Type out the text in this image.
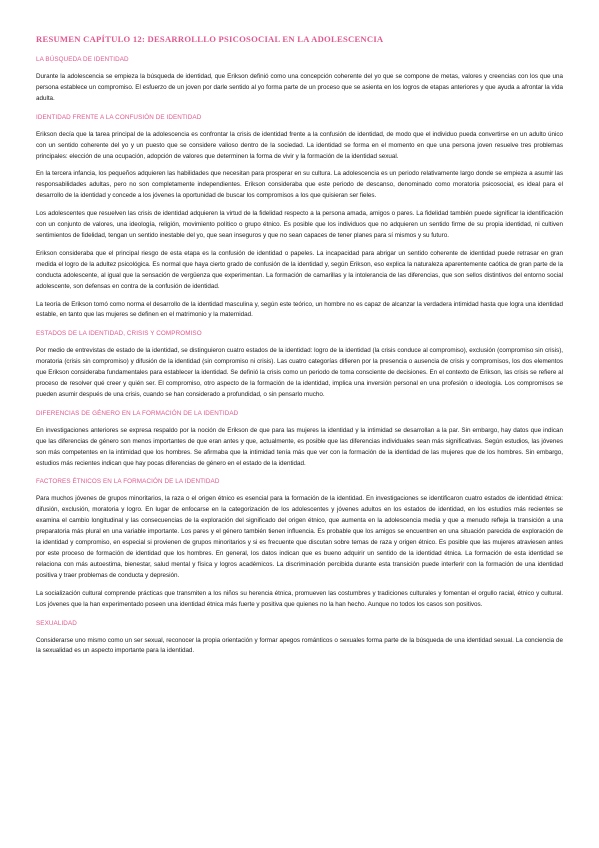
RESUMEN CAPÍTULO 12: DESARROLLLO PSICOSOCIAL EN LA ADOLESCENCIA
LA BÚSQUEDA DE IDENTIDAD

Durante la adolescencia se empieza la búsqueda de identidad, que Erikson definió como una concepción coherente del yo que se compone de metas, valores y creencias con los que una persona establece un compromiso. El esfuerzo de un joven por darle sentido al yo forma parte de un proceso que se asienta en los logros de etapas anteriores y que ayuda a afrontar la vida adulta.

IDENTIDAD FRENTE A LA CONFUSIÓN DE IDENTIDAD

Erikson decía que la tarea principal de la adolescencia es confrontar la crisis de identidad frente a la confusión de identidad, de modo que el individuo pueda convertirse en un adulto único con un sentido coherente del yo y un puesto que se considere valioso dentro de la sociedad. La identidad se forma en el momento en que una persona joven resuelve tres problemas principales: elección de una ocupación, adopción de valores que determinen la forma de vivir y la formación de la identidad sexual.

En la tercera infancia, los pequeños adquieren las habilidades que necesitan para prosperar en su cultura. La adolescencia es un periodo relativamente largo donde se empieza a asumir las responsabilidades adultas, pero no son completamente independientes. Erikson consideraba que este periodo de descanso, denominado como moratoria psicosocial, es ideal para el desarrollo de la identidad y concede a los jóvenes la oportunidad de buscar los compromisos a los que quisieran ser fieles.

Los adolescentes que resuelven las crisis de identidad adquieren la virtud de la fidelidad respecto a la persona amada, amigos o pares. La fidelidad también puede significar la identificación con un conjunto de valores, una ideología, religión, movimiento político o grupo étnico. Es posible que los individuos que no adquieren un sentido firme de su propia identidad, ni cultiven sentimientos de fidelidad, tengan un sentido inestable del yo, que sean inseguros y que no sean capaces de tener planes para sí mismos y su futuro.

Erikson consideraba que el principal riesgo de esta etapa es la confusión de identidad o papeles. La incapacidad para abrigar un sentido coherente de identidad puede retrasar en gran medida el logro de la adultez psicológica. Es normal que haya cierto grado de confusión de la identidad y, según Erikson, eso explica la naturaleza aparentemente caótica de gran parte de la conducta adolescente, al igual que la sensación de vergüenza que experimentan. La formación de camarillas y la intolerancia de las diferencias, que son sellos distintivos del entorno social adolescente, son defensas en contra de la confusión de identidad.

La teoría de Erikson tomó como norma el desarrollo de la identidad masculina y, según este teórico, un hombre no es capaz de alcanzar la verdadera intimidad hasta que logra una identidad estable, en tanto que las mujeres se definen en el matrimonio y la maternidad.

ESTADOS DE LA IDENTIDAD, CRISIS Y COMPROMISO

Por medio de entrevistas de estado de la identidad, se distinguieron cuatro estados de la identidad: logro de la identidad (la crisis conduce al compromiso), exclusión (compromiso sin crisis), moratoria (crisis sin compromiso) y difusión de la identidad (sin compromiso ni crisis). Las cuatro categorías difieren por la presencia o ausencia de crisis y compromisos, los dos elementos que Erikson consideraba fundamentales para establecer la identidad. Se definió la crisis como un periodo de toma consciente de decisiones. En el contexto de Erikson, las crisis se refiere al proceso de resolver qué creer y quién ser. El compromiso, otro aspecto de la formación de la identidad, implica una inversión personal en una profesión o ideología. Los compromisos se pueden asumir después de una crisis, cuando se han considerado a profundidad, o sin pensarlo mucho.

DIFERENCIAS DE GÉNERO EN LA FORMACIÓN DE LA IDENTIDAD

En investigaciones anteriores se expresa respaldo por la noción de Erikson de que para las mujeres la identidad y la intimidad se desarrollan a la par. Sin embargo, hay datos que indican que las diferencias de género son menos importantes de que eran antes y que, actualmente, es posible que las diferencias individuales sean más significativas. Según estudios, las jóvenes son más competentes en la intimidad que los hombres. Se afirmaba que la intimidad tenía más que ver con la formación de la identidad de las mujeres que de los hombres. Sin embargo, estudios más recientes indican que hay pocas diferencias de género en el estado de la identidad.

FACTORES ÉTNICOS EN LA FORMACIÓN DE LA IDENTIDAD

Para muchos jóvenes de grupos minoritarios, la raza o el origen étnico es esencial para la formación de la identidad. En investigaciones se identificaron cuatro estados de identidad étnica: difusión, exclusión, moratoria y logro. En lugar de enfocarse en la categorización de los adolescentes y jóvenes adultos en los estados de identidad, en los estudios más recientes se examina el cambio longitudinal y las consecuencias de la exploración del significado del origen étnico, que aumenta en la adolescencia media y que a menudo refleja la transición a una preparatoria más plural en una variable importante. Los pares y el género también tienen influencia. Es probable que los amigos se encuentren en una situación parecida de exploración de la identidad y compromiso, en especial si provienen de grupos minoritarios y si es frecuente que discutan sobre temas de raza y origen étnico. Es posible que las mujeres atraviesen antes por este proceso de formación de identidad que los hombres. En general, los datos indican que es bueno adquirir un sentido de la identidad étnica. La formación de esta identidad se relaciona con más autoestima, bienestar, salud mental y física y logros académicos. La discriminación percibida durante esta transición puede interferir con la formación de una identidad positiva y traer problemas de conducta y depresión.

La socialización cultural comprende prácticas que transmiten a los niños su herencia étnica, promueven las costumbres y tradiciones culturales y fomentan el orgullo racial, étnico y cultural. Los jóvenes que la han experimentado poseen una identidad étnica más fuerte y positiva que quienes no la han hecho. Aunque no todos los casos son positivos.

SEXUALIDAD

Considerarse uno mismo como un ser sexual, reconocer la propia orientación y formar apegos románticos o sexuales forma parte de la búsqueda de una identidad sexual. La conciencia de la sexualidad es un aspecto importante para la identidad.
